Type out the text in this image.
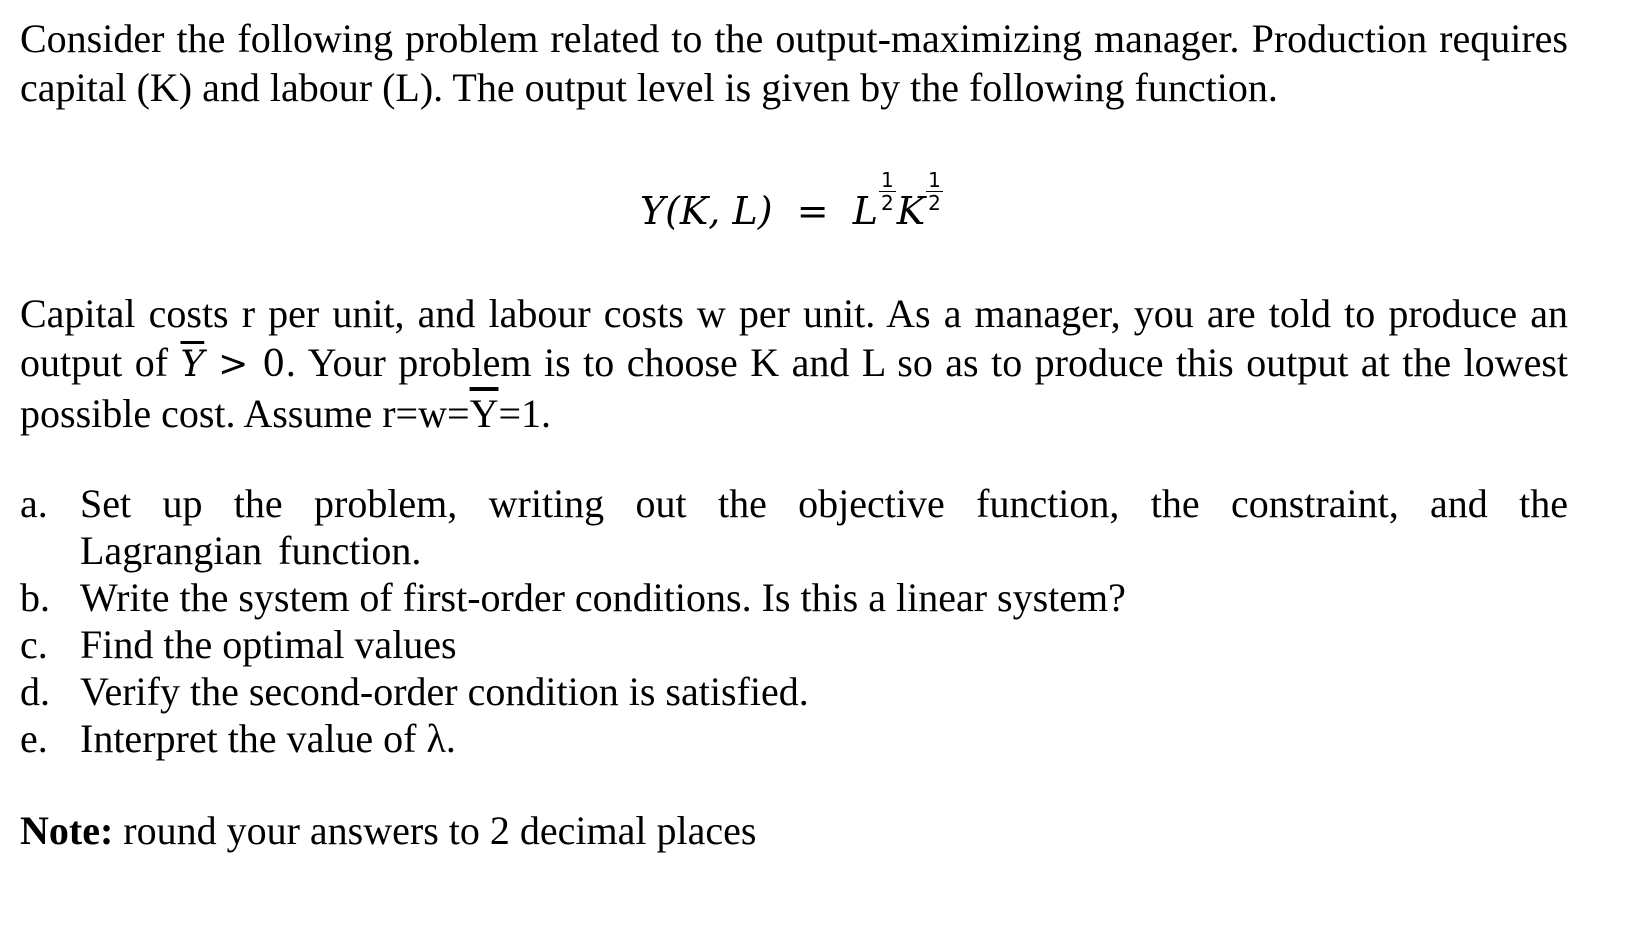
Consider the following problem related to the output-maximizing manager. Production requires capital (K) and labour (L). The output level is given by the following function.

Y(K, L) = L $\frac{1}{2}$ K $\frac{1}{2}$

Capital costs r per unit, and labour costs w per unit. As a manager, you are told to produce an output of $\overline{Y} > 0$. Your problem is to choose K and L so as to produce this output at the lowest possible cost. Assume $r=w=\overline{Y}=1$.

a. Set up the problem, writing out the objective function, the constraint, and the Lagrangian function.
b. Write the system of first-order conditions. Is this a linear system?
c. Find the optimal values
d. Verify the second-order condition is satisfied.
e. Interpret the value of λ.

Note: round your answers to 2 decimal places
